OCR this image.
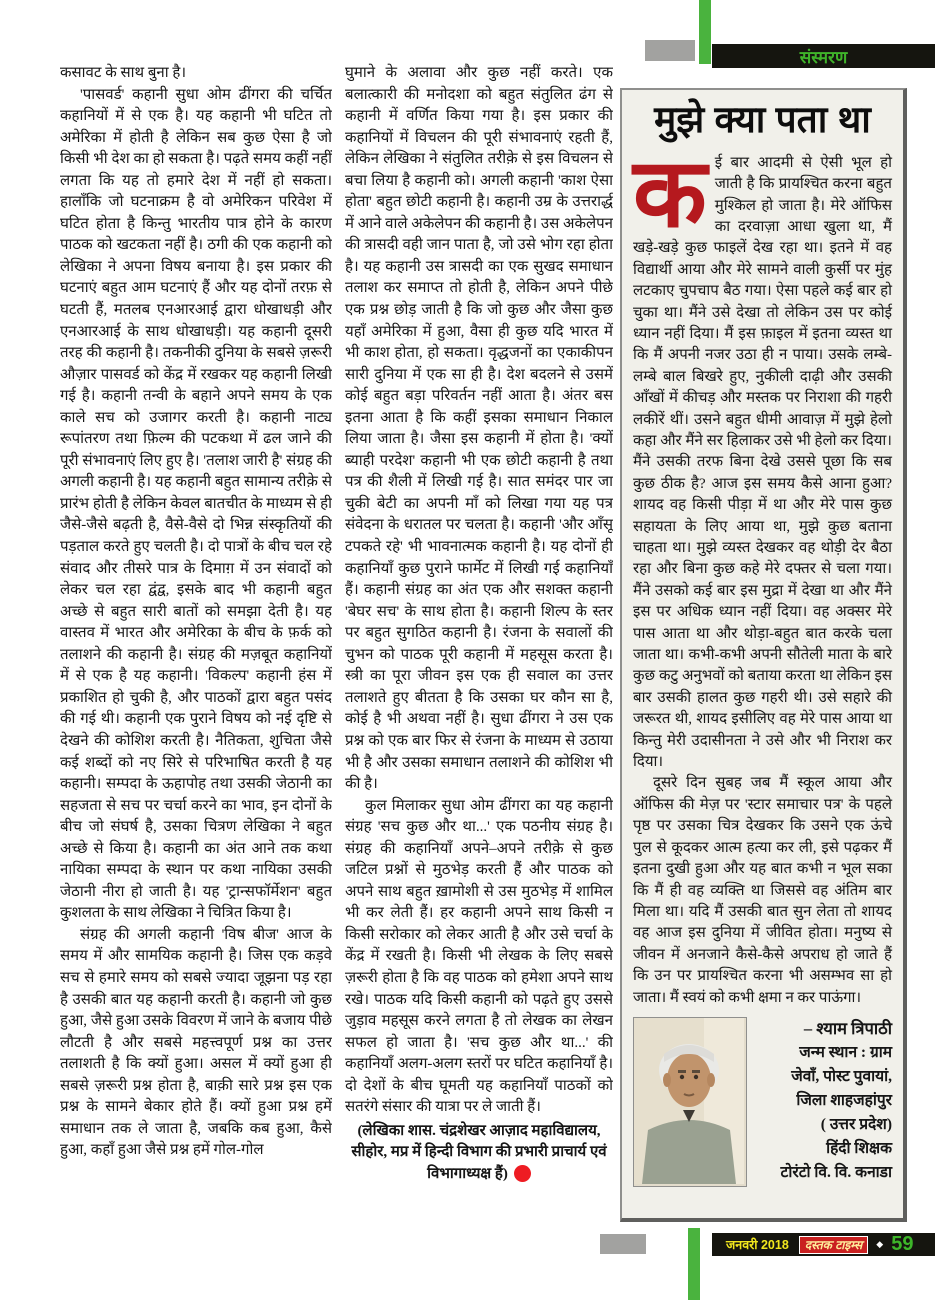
संस्मरण

कसावट के साथ बुना है।

'पासवर्ड' कहानी सुधा ओम ढींगरा की चर्चित कहानियों में से एक है। यह कहानी भी घटित तो अमेरिका में होती है लेकिन सब कुछ ऐसा है जो किसी भी देश का हो सकता है। पढ़ते समय कहीं नहीं लगता कि यह तो हमारे देश में नहीं हो सकता। हालाँकि जो घटनाक्रम है वो अमेरिकन परिवेश में घटित होता है किन्तु भारतीय पात्र होने के कारण पाठक को खटकता नहीं है। ठगी की एक कहानी को लेखिका ने अपना विषय बनाया है। इस प्रकार की घटनाएं बहुत आम घटनाएं हैं और यह दोनों तरफ़ से घटती हैं, मतलब एनआरआई द्वारा धोखाधड़ी और एनआरआई के साथ धोखाधड़ी। यह कहानी दूसरी तरह की कहानी है। तकनीकी दुनिया के सबसे ज़रूरी औज़ार पासवर्ड को केंद्र में रखकर यह कहानी लिखी गई है। कहानी तन्वी के बहाने अपने समय के एक काले सच को उजागर करती है। कहानी नाट्य रूपांतरण तथा फ़िल्म की पटकथा में ढल जाने की पूरी संभावनाएं लिए हुए है। 'तलाश जारी है' संग्रह की अगली कहानी है। यह कहानी बहुत सामान्य तरीक़े से प्रारंभ होती है लेकिन केवल बातचीत के माध्यम से ही जैसे-जैसे बढ़ती है, वैसे-वैसे दो भिन्न संस्कृतियों की पड़ताल करते हुए चलती है। दो पात्रों के बीच चल रहे संवाद और तीसरे पात्र के दिमाग़ में उन संवादों को लेकर चल रहा द्वंद्व, इसके बाद भी कहानी बहुत अच्छे से बहुत सारी बातों को समझा देती है। यह वास्तव में भारत और अमेरिका के बीच के फ़र्क को तलाशने की कहानी है। संग्रह की मज़बूत कहानियों में से एक है यह कहानी। 'विकल्प' कहानी हंस में प्रकाशित हो चुकी है, और पाठकों द्वारा बहुत पसंद की गई थी। कहानी एक पुराने विषय को नई दृष्टि से देखने की कोशिश करती है। नैतिकता, शुचिता जैसे कई शब्दों को नए सिरे से परिभाषित करती है यह कहानी। सम्पदा के ऊहापोह तथा उसकी जेठानी का सहजता से सच पर चर्चा करने का भाव, इन दोनों के बीच जो संघर्ष है, उसका चित्रण लेखिका ने बहुत अच्छे से किया है। कहानी का अंत आने तक कथा नायिका सम्पदा के स्थान पर कथा नायिका उसकी जेठानी नीरा हो जाती है। यह 'ट्रान्सफॉर्मेशन' बहुत कुशलता के साथ लेखिका ने चित्रित किया है।

संग्रह की अगली कहानी 'विष बीज' आज के समय में और सामयिक कहानी है। जिस एक कड़वे सच से हमारे समय को सबसे ज्यादा जूझना पड़ रहा है उसकी बात यह कहानी करती है। कहानी जो कुछ हुआ, जैसे हुआ उसके विवरण में जाने के बजाय पीछे लौटती है और सबसे महत्त्वपूर्ण प्रश्न का उत्तर तलाशती है कि क्यों हुआ। असल में क्यों हुआ ही सबसे ज़रूरी प्रश्न होता है, बाक़ी सारे प्रश्न इस एक प्रश्न के सामने बेकार होते हैं। क्यों हुआ प्रश्न हमें समाधान तक ले जाता है, जबकि कब हुआ, कैसे हुआ, कहाँ हुआ जैसे प्रश्न हमें गोल-गोल

घुमाने के अलावा और कुछ नहीं करते। एक बलात्कारी की मनोदशा को बहुत संतुलित ढंग से कहानी में वर्णित किया गया है। इस प्रकार की कहानियों में विचलन की पूरी संभावनाएं रहती हैं, लेकिन लेखिका ने संतुलित तरीक़े से इस विचलन से बचा लिया है कहानी को। अगली कहानी 'काश ऐसा होता' बहुत छोटी कहानी है। कहानी उम्र के उत्तरार्द्ध में आने वाले अकेलेपन की कहानी है। उस अकेलेपन की त्रासदी वही जान पाता है, जो उसे भोग रहा होता है। यह कहानी उस त्रासदी का एक सुखद समाधान तलाश कर समाप्त तो होती है, लेकिन अपने पीछे एक प्रश्न छोड़ जाती है कि जो कुछ और जैसा कुछ यहाँ अमेरिका में हुआ, वैसा ही कुछ यदि भारत में भी काश होता, हो सकता। वृद्धजनों का एकाकीपन सारी दुनिया में एक सा ही है। देश बदलने से उसमें कोई बहुत बड़ा परिवर्तन नहीं आता है। अंतर बस इतना आता है कि कहीं इसका समाधान निकाल लिया जाता है। जैसा इस कहानी में होता है। 'क्यों ब्याही परदेश' कहानी भी एक छोटी कहानी है तथा पत्र की शैली में लिखी गई है। सात समंदर पार जा चुकी बेटी का अपनी माँ को लिखा गया यह पत्र संवेदना के धरातल पर चलता है। कहानी 'और आँसू टपकते रहे' भी भावनात्मक कहानी है। यह दोनों ही कहानियाँ कुछ पुराने फार्मेट में लिखी गई कहानियाँ हैं। कहानी संग्रह का अंत एक और सशक्त कहानी 'बेघर सच' के साथ होता है। कहानी शिल्प के स्तर पर बहुत सुगठित कहानी है। रंजना के सवालों की चुभन को पाठक पूरी कहानी में महसूस करता है। स्त्री का पूरा जीवन इस एक ही सवाल का उत्तर तलाशते हुए बीतता है कि उसका घर कौन सा है, कोई है भी अथवा नहीं है। सुधा ढींगरा ने उस एक प्रश्न को एक बार फिर से रंजना के माध्यम से उठाया भी है और उसका समाधान तलाशने की कोशिश भी की है।

कुल मिलाकर सुधा ओम ढींगरा का यह कहानी संग्रह 'सच कुछ और था...' एक पठनीय संग्रह है। संग्रह की कहानियाँ अपने–अपने तरीक़े से कुछ जटिल प्रश्नों से मुठभेड़ करती हैं और पाठक को अपने साथ बहुत ख़ामोशी से उस मुठभेड़ में शामिल भी कर लेती हैं। हर कहानी अपने साथ किसी न किसी सरोकार को लेकर आती है और उसे चर्चा के केंद्र में रखती है। किसी भी लेखक के लिए सबसे ज़रूरी होता है कि वह पाठक को हमेशा अपने साथ रखे। पाठक यदि किसी कहानी को पढ़ते हुए उससे जुड़ाव महसूस करने लगता है तो लेखक का लेखन सफल हो जाता है। 'सच कुछ और था...' की कहानियाँ अलग-अलग स्तरों पर घटित कहानियाँ है। दो देशों के बीच घूमती यह कहानियाँ पाठकों को सतरंगे संसार की यात्रा पर ले जाती हैं।

(लेखिका शास. चंद्रशेखर आज़ाद महाविद्यालय, सीहोर, मप्र में हिन्दी विभाग की प्रभारी प्राचार्य एवं विभागाध्यक्ष हैं)
मुझे क्या पता था

कई बार आदमी से ऐसी भूल हो जाती है कि प्रायश्चित करना बहुत मुश्किल हो जाता है। मेरे ऑफिस का दरवाज़ा आधा खुला था, मैं खड़े-खड़े कुछ फाइलें देख रहा था। इतने में वह विद्यार्थी आया और मेरे सामने वाली कुर्सी पर मुंह लटकाए चुपचाप बैठ गया। ऐसा पहले कई बार हो चुका था। मैंने उसे देखा तो लेकिन उस पर कोई ध्यान नहीं दिया। मैं इस फ़ाइल में इतना व्यस्त था कि मैं अपनी नजर उठा ही न पाया। उसके लम्बे-लम्बे बाल बिखरे हुए, नुकीली दाढ़ी और उसकी आँखों में कीचड़ और मस्तक पर निराशा की गहरी लकीरें थीं। उसने बहुत धीमी आवाज़ में मुझे हेलो कहा और मैंने सर हिलाकर उसे भी हेलो कर दिया। मैंने उसकी तरफ बिना देखे उससे पूछा कि सब कुछ ठीक है? आज इस समय कैसे आना हुआ? शायद वह किसी पीड़ा में था और मेरे पास कुछ सहायता के लिए आया था, मुझे कुछ बताना चाहता था। मुझे व्यस्त देखकर वह थोड़ी देर बैठा रहा और बिना कुछ कहे मेरे दफ्तर से चला गया। मैंने उसको कई बार इस मुद्रा में देखा था और मैंने इस पर अधिक ध्यान नहीं दिया। वह अक्सर मेरे पास आता था और थोड़ा-बहुत बात करके चला जाता था। कभी-कभी अपनी सौतेली माता के बारे कुछ कटु अनुभवों को बताया करता था लेकिन इस बार उसकी हालत कुछ गहरी थी। उसे सहारे की जरूरत थी, शायद इसीलिए वह मेरे पास आया था किन्तु मेरी उदासीनता ने उसे और भी निराश कर दिया।

दूसरे दिन सुबह जब मैं स्कूल आया और ऑफिस की मेज़ पर 'स्टार समाचार पत्र' के पहले पृष्ठ पर उसका चित्र देखकर कि उसने एक ऊंचे पुल से कूदकर आत्म हत्या कर ली, इसे पढ़कर मैं इतना दुखी हुआ और यह बात कभी न भूल सका कि मैं ही वह व्यक्ति था जिससे वह अंतिम बार मिला था। यदि मैं उसकी बात सुन लेता तो शायद वह आज इस दुनिया में जीवित होता। मनुष्य से जीवन में अनजाने कैसे-कैसे अपराध हो जाते हैं कि उन पर प्रायश्चित करना भी असम्भव सा हो जाता। मैं स्वयं को कभी क्षमा न कर पाऊंगा।

– श्याम त्रिपाठी
जन्म स्थान : ग्राम
जेवाँ, पोस्ट पुवायां,
जिला शाहजहांपुर
( उत्तर प्रदेश)
हिंदी शिक्षक
टोरंटो वि. वि. कनाडा
जनवरी 2018	दस्तक टाइम्स	◆ 59
